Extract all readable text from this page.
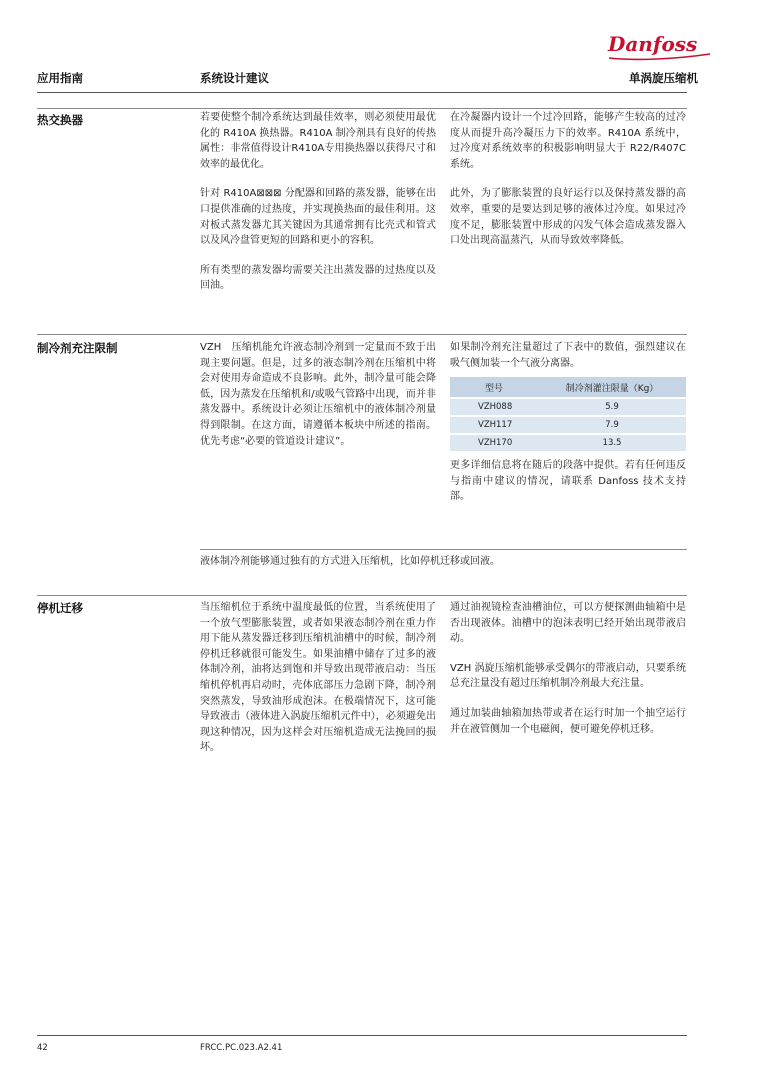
Danfoss
应用指南	系统设计建议	单涡旋压缩机
热交换器	若要使整个制冷系统达到最佳效率，则必须使用最优化的 R410A 换热器。R410A 制冷剂具有良好的传热属性：非常值得设计R410A专用换热器以获得尺寸和效率的最优化。

针对 R410A⊠⊠⊠ 分配器和回路的蒸发器，能够在出口提供准确的过热度，并实现换热面的最佳利用。这对板式蒸发器尤其关键因为其通常拥有比壳式和管式以及风冷盘管更短的回路和更小的容积。

所有类型的蒸发器均需要关注出蒸发器的过热度以及回油。

在冷凝器内设计一个过冷回路，能够产生较高的过冷度从而提升高冷凝压力下的效率。R410A 系统中，过冷度对系统效率的积极影响明显大于 R22/R407C 系统。

此外，为了膨胀装置的良好运行以及保持蒸发器的高效率，重要的是要达到足够的液体过冷度。如果过冷度不足，膨胀装置中形成的闪发气体会造成蒸发器入口处出现高温蒸汽，从而导致效率降低。

制冷剂充注限制	VZH　压缩机能允许液态制冷剂到一定量而不致于出现主要问题。但是，过多的液态制冷剂在压缩机中将会对使用寿命造成不良影响。此外，制冷量可能会降低，因为蒸发在压缩机和/或吸气管路中出现，而并非蒸发器中。系统设计必须让压缩机中的液体制冷剂量得到限制。在这方面，请遵循本板块中所述的指南。优先考虑“必要的管道设计建议”。

如果制冷剂充注量超过了下表中的数值，强烈建议在吸气侧加装一个气液分离器。

型号	制冷剂灌注限量（Kg）
VZH088	5.9
VZH117	7.9
VZH170	13.5

更多详细信息将在随后的段落中提供。若有任何违反与指南中建议的情况，请联系 Danfoss 技术支持部。

液体制冷剂能够通过独有的方式进入压缩机，比如停机迁移或回液。
停机迁移	当压缩机位于系统中温度最低的位置，当系统使用了一个放气型膨胀装置，或者如果液态制冷剂在重力作用下能从蒸发器迁移到压缩机油槽中的时候，制冷剂停机迁移就很可能发生。如果油槽中储存了过多的液体制冷剂，油将达到饱和并导致出现带液启动：当压缩机停机再启动时，壳体底部压力急剧下降，制冷剂突然蒸发，导致油形成泡沫。在极端情况下，这可能导致液击（液体进入涡旋压缩机元件中），必须避免出现这种情况，因为这样会对压缩机造成无法挽回的损坏。

通过油视镜检查油槽油位，可以方便探测曲轴箱中是否出现液体。油槽中的泡沫表明已经开始出现带液启动。

VZH 涡旋压缩机能够承受偶尔的带液启动，只要系统总充注量没有超过压缩机制冷剂最大充注量。

通过加装曲轴箱加热带或者在运行时加一个抽空运行并在液管侧加一个电磁阀，便可避免停机迁移。

42	FRCC.PC.023.A2.41
